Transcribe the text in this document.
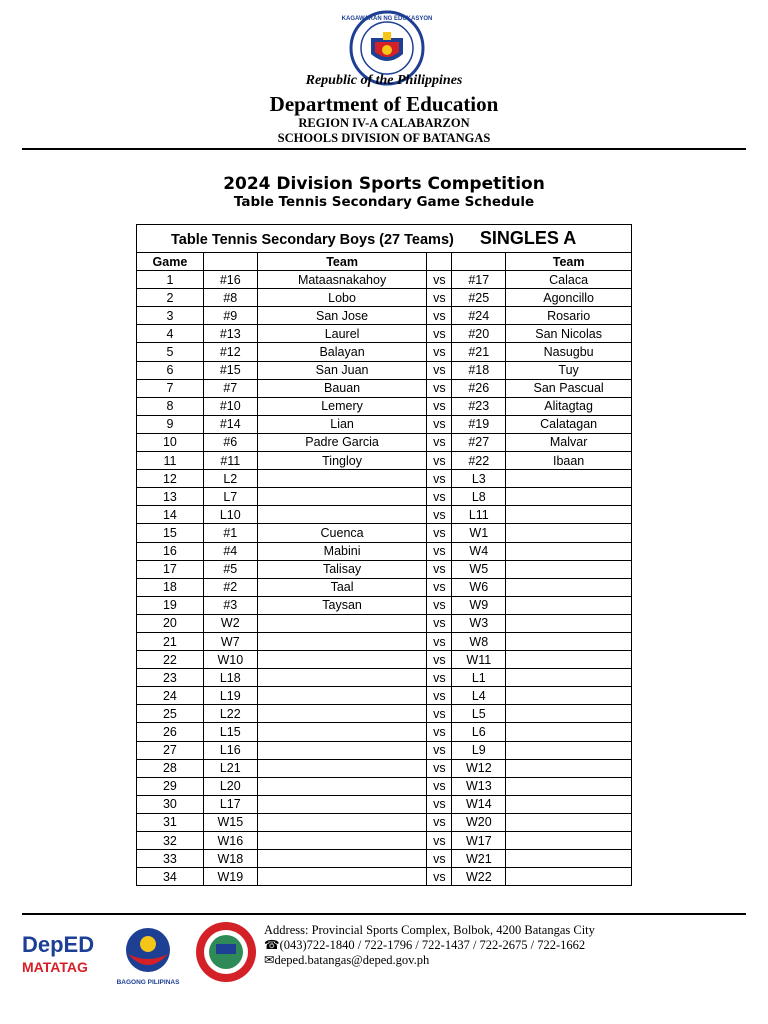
KAGAWARAN NG EDUKASYON
Republic of the Philippines
Department of Education
REGION IV-A CALABARZON
SCHOOLS DIVISION OF BATANGAS
2024 Division Sports Competition
Table Tennis Secondary Game Schedule
Table Tennis Secondary Boys (27 Teams) SINGLES A					
Game		Team			Team
1	#16	Mataasnakahoy	vs	#17	Calaca
2	#8	Lobo	vs	#25	Agoncillo
3	#9	San Jose	vs	#24	Rosario
4	#13	Laurel	vs	#20	San Nicolas
5	#12	Balayan	vs	#21	Nasugbu
6	#15	San Juan	vs	#18	Tuy
7	#7	Bauan	vs	#26	San Pascual
8	#10	Lemery	vs	#23	Alitagtag
9	#14	Lian	vs	#19	Calatagan
10	#6	Padre Garcia	vs	#27	Malvar
11	#11	Tingloy	vs	#22	Ibaan
12	L2		vs	L3	
13	L7		vs	L8	
14	L10		vs	L11	
15	#1	Cuenca	vs	W1	
16	#4	Mabini	vs	W4	
17	#5	Talisay	vs	W5	
18	#2	Taal	vs	W6	
19	#3	Taysan	vs	W9	
20	W2		vs	W3	
21	W7		vs	W8	
22	W10		vs	W11	
23	L18		vs	L1	
24	L19		vs	L4	
25	L22		vs	L5	
26	L15		vs	L6	
27	L16		vs	L9	
28	L21		vs	W12	
29	L20		vs	W13	
30	L17		vs	W14	
31	W15		vs	W20	
32	W16		vs	W17	
33	W18		vs	W21	
34	W19		vs	W22	
DepED
MATATAG
BAGONG PILIPINAS
Address: Provincial Sports Complex, Bolbok, 4200 Batangas City
☎(043)722-1840 / 722-1796 / 722-1437 / 722-2675 / 722-1662
✉deped.batangas@deped.gov.ph
